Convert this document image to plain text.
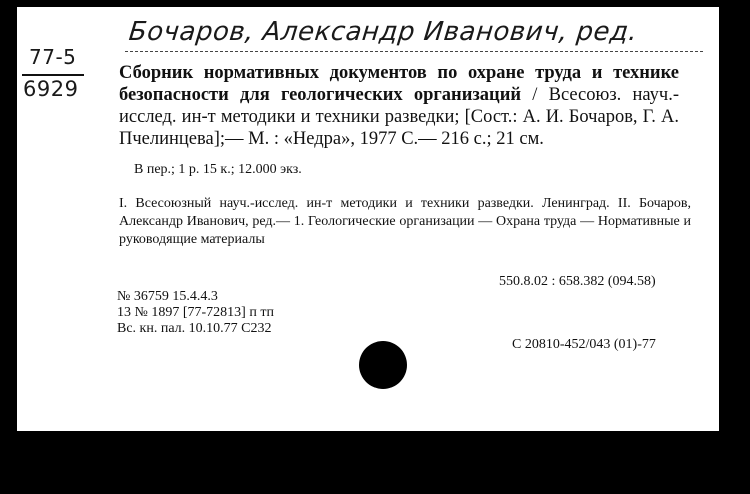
Бочаров, Александр Иванович, ред.
77-5
6929
Сборник нормативных документов по охране труда и технике безопасности для геологических организаций / Всесоюз. науч.-исслед. ин-т методики и техники разведки; [Сост.: А. И. Бочаров, Г. А. Пчелинцева];— М. : «Недра», 1977 С.— 216 с.; 21 см.
В пер.; 1 р. 15 к.; 12.000 экз.
I. Всесоюзный науч.-исслед. ин-т методики и техники разведки. Ленинград. II. Бочаров, Александр Иванович, ред.— 1. Геологические организации — Охрана труда — Нормативные и руководящие материалы
550.8.02 : 658.382 (094.58)
№ 36759 15.4.4.3
13 № 1897 [77-72813] п тп
Вс. кн. пал. 10.10.77 С232
С 20810-452/043 (01)-77
